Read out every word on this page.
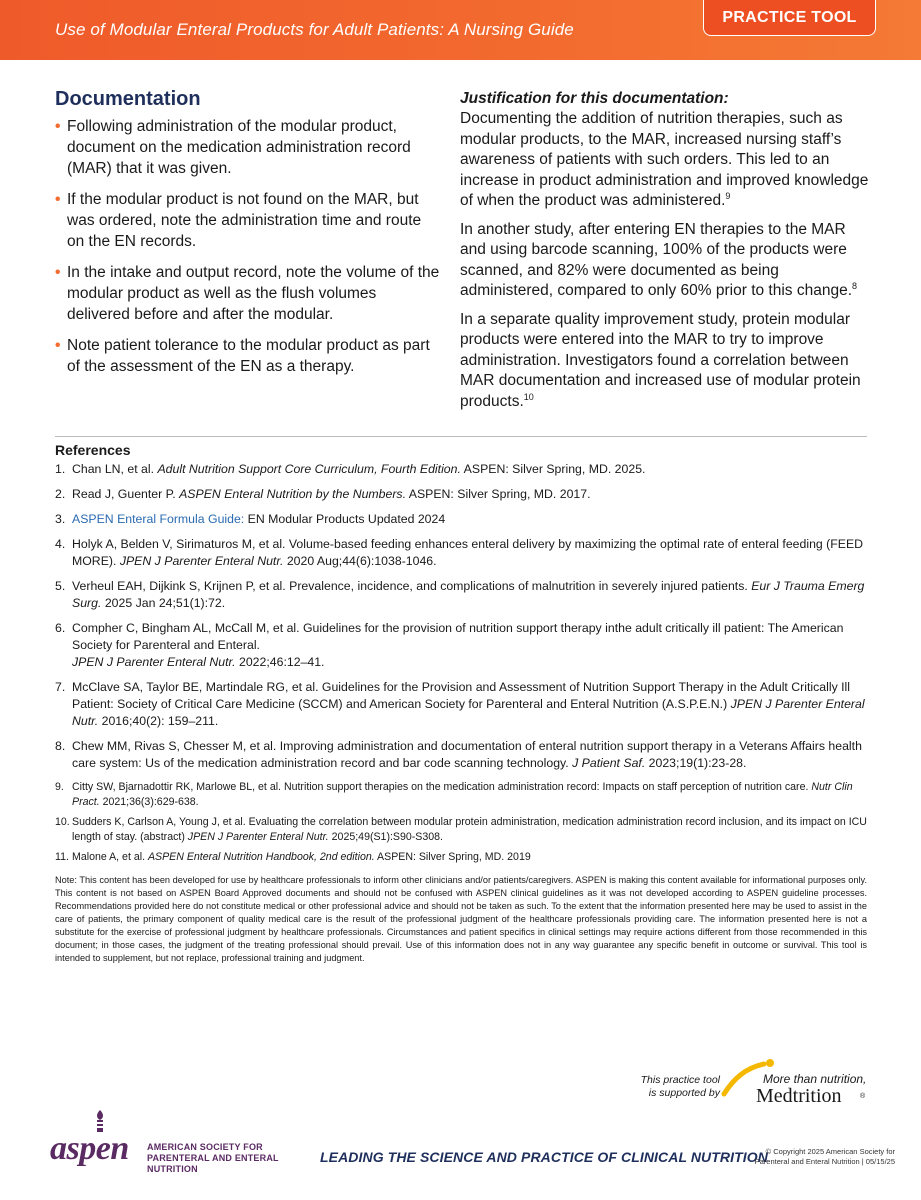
Use of Modular Enteral Products for Adult Patients: A Nursing Guide
PRACTICE TOOL
Documentation
• Following administration of the modular product, document on the medication administration record (MAR) that it was given.
• If the modular product is not found on the MAR, but was ordered, note the administration time and route on the EN records.
• In the intake and output record, note the volume of the modular product as well as the flush volumes delivered before and after the modular.
• Note patient tolerance to the modular product as part of the assessment of the EN as a therapy.
Justification for this documentation:

Documenting the addition of nutrition therapies, such as modular products, to the MAR, increased nursing staff’s awareness of patients with such orders. This led to an increase in product administration and improved knowledge of when the product was administered.$^9$

In another study, after entering EN therapies to the MAR and using barcode scanning, 100% of the products were scanned, and 82% were documented as being administered, compared to only 60% prior to this change.$^8$

In a separate quality improvement study, protein modular products were entered into the MAR to try to improve administration. Investigators found a correlation between MAR documentation and increased use of modular protein products.$^{10}$

References
1. Chan LN, et al. Adult Nutrition Support Core Curriculum, Fourth Edition. ASPEN: Silver Spring, MD. 2025.
2. Read J, Guenter P. ASPEN Enteral Nutrition by the Numbers. ASPEN: Silver Spring, MD. 2017.
3. ASPEN Enteral Formula Guide: EN Modular Products Updated 2024
4. Holyk A, Belden V, Sirimaturos M, et al. Volume-based feeding enhances enteral delivery by maximizing the optimal rate of enteral feeding (FEED MORE). JPEN J Parenter Enteral Nutr. 2020 Aug;44(6):1038-1046.
5. Verheul EAH, Dijkink S, Krijnen P, et al. Prevalence, incidence, and complications of malnutrition in severely injured patients. Eur J Trauma Emerg Surg. 2025 Jan 24;51(1):72.
6. Compher C, Bingham AL, McCall M, et al. Guidelines for the provision of nutrition support therapy inthe adult critically ill patient: The American Society for Parenteral and Enteral.
JPEN J Parenter Enteral Nutr. 2022;46:12–41.
7. McClave SA, Taylor BE, Martindale RG, et al. Guidelines for the Provision and Assessment of Nutrition Support Therapy in the Adult Critically Ill Patient: Society of Critical Care Medicine (SCCM) and American Society for Parenteral and Enteral Nutrition (A.S.P.E.N.) JPEN J Parenter Enteral Nutr. 2016;40(2): 159–211.
8. Chew MM, Rivas S, Chesser M, et al. Improving administration and documentation of enteral nutrition support therapy in a Veterans Affairs health care system: Us of the medication administration record and bar code scanning technology. J Patient Saf. 2023;19(1):23-28.
9. Citty SW, Bjarnadottir RK, Marlowe BL, et al. Nutrition support therapies on the medication administration record: Impacts on staff perception of nutrition care. Nutr Clin Pract. 2021;36(3):629-638.
10. Sudders K, Carlson A, Young J, et al. Evaluating the correlation between modular protein administration, medication administration record inclusion, and its impact on ICU length of stay. (abstract) JPEN J Parenter Enteral Nutr. 2025;49(S1):S90-S308.
11. Malone A, et al. ASPEN Enteral Nutrition Handbook, 2nd edition. ASPEN: Silver Spring, MD. 2019
Note: This content has been developed for use by healthcare professionals to inform other clinicians and/or patients/caregivers. ASPEN is making this content available for informational purposes only. This content is not based on ASPEN Board Approved documents and should not be confused with ASPEN clinical guidelines as it was not developed according to ASPEN guideline processes. Recommendations provided here do not constitute medical or other professional advice and should not be taken as such. To the extent that the information presented here may be used to assist in the care of patients, the primary component of quality medical care is the result of the professional judgment of the healthcare professionals providing care. The information presented here is not a substitute for the exercise of professional judgment by healthcare professionals. Circumstances and patient specifics in clinical settings may require actions different from those recommended in this document; in those cases, the judgment of the treating professional should prevail. Use of this information does not in any way guarantee any specific benefit in outcome or survival. This tool is intended to supplement, but not replace, professional training and judgment.
This practice tool
is supported by
More than nutrition,
Medtrition	®
aspen AMERICAN SOCIETY FOR
PARENTERAL AND ENTERAL NUTRITION
LEADING THE SCIENCE AND PRACTICE OF CLINICAL NUTRITION
© Copyright 2025 American Society for
Parenteral and Enteral Nutrition | 05/15/25
